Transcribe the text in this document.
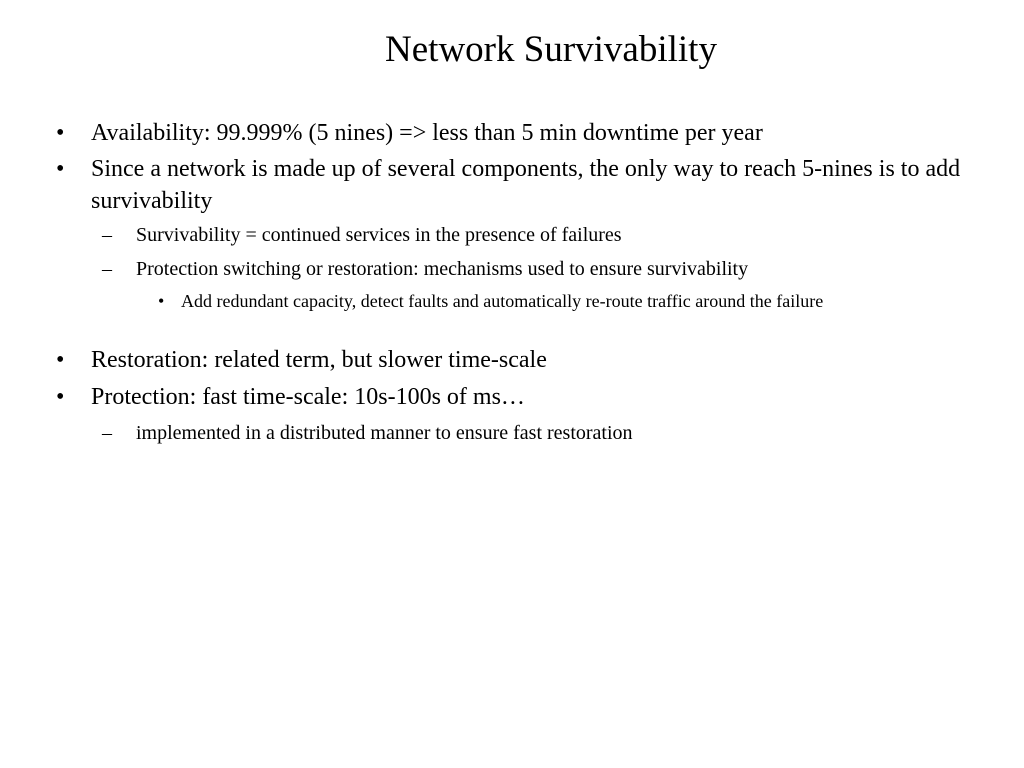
Network Survivability
• Availability: 99.999% (5 nines) => less than 5 min downtime per year
• Since a network is made up of several components, the only way to reach 5-nines is to add survivability
– Survivability = continued services in the presence of failures
– Protection switching or restoration: mechanisms used to ensure survivability
• Add redundant capacity, detect faults and automatically re-route traffic around the failure
• Restoration: related term, but slower time-scale
• Protection: fast time-scale: 10s-100s of ms…
– implemented in a distributed manner to ensure fast restoration
